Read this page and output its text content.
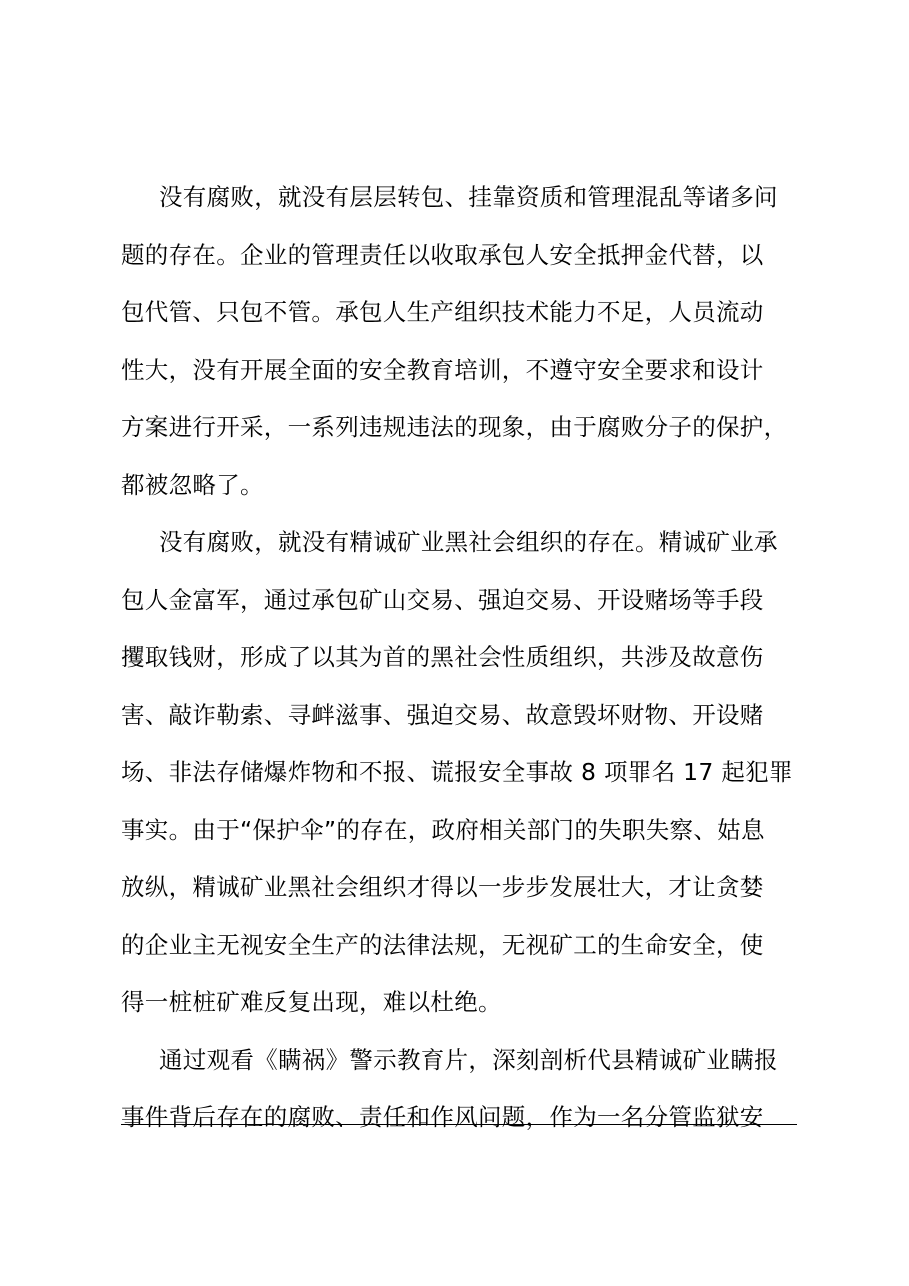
没有腐败，就没有层层转包、挂靠资质和管理混乱等诸多问
题的存在。企业的管理责任以收取承包人安全抵押金代替，以
包代管、只包不管。承包人生产组织技术能力不足，人员流动
性大，没有开展全面的安全教育培训，不遵守安全要求和设计
方案进行开采，一系列违规违法的现象，由于腐败分子的保护，
都被忽略了。
没有腐败，就没有精诚矿业黑社会组织的存在。精诚矿业承
包人金富军，通过承包矿山交易、强迫交易、开设赌场等手段
攫取钱财，形成了以其为首的黑社会性质组织，共涉及故意伤
害、敲诈勒索、寻衅滋事、强迫交易、故意毁坏财物、开设赌
场、非法存储爆炸物和不报、谎报安全事故 8 项罪名 17 起犯罪
事实。由于“保护伞”的存在，政府相关部门的失职失察、姑息
放纵，精诚矿业黑社会组织才得以一步步发展壮大，才让贪婪
的企业主无视安全生产的法律法规，无视矿工的生命安全，使
得一桩桩矿难反复出现，难以杜绝。
通过观看《瞒祸》警示教育片，深刻剖析代县精诚矿业瞒报
事件背后存在的腐败、责任和作风问题，作为一名分管监狱安
